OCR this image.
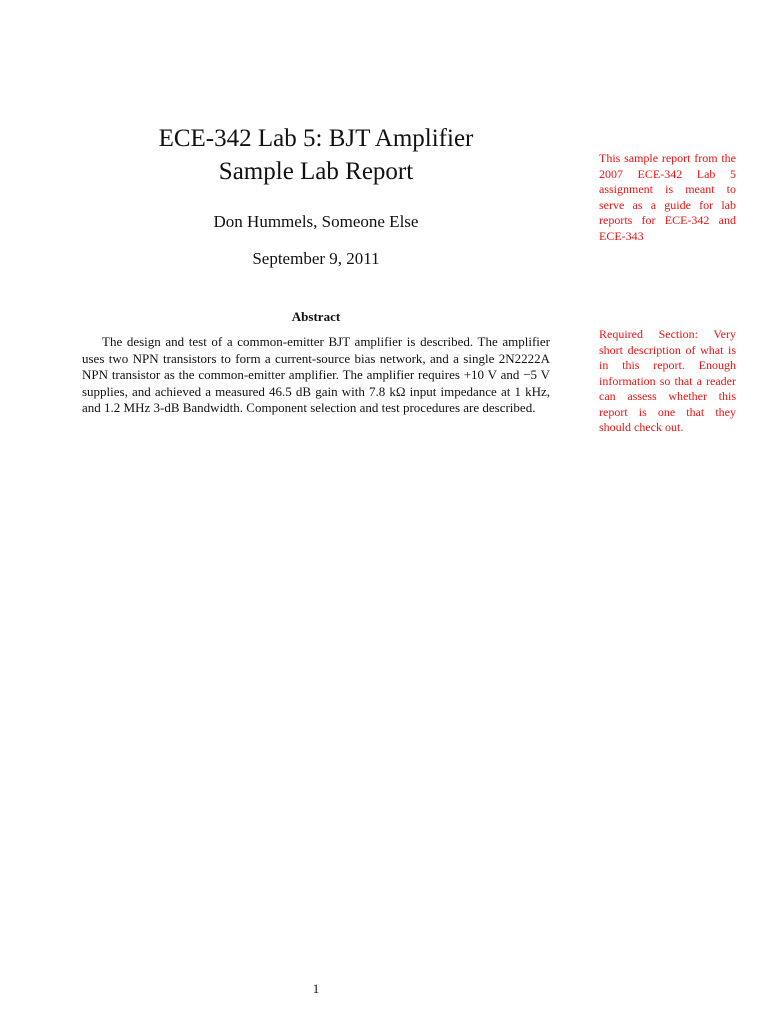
ECE-342 Lab 5: BJT Amplifier
Sample Lab Report
Don Hummels, Someone Else
September 9, 2011
Abstract

The design and test of a common-emitter BJT amplifier is described. The amplifier uses two NPN transistors to form a current-source bias network, and a single 2N2222A NPN transistor as the common-emitter amplifier. The amplifier requires +10 V and −5 V supplies, and achieved a measured 46.5 dB gain with 7.8 kΩ input impedance at 1 kHz, and 1.2 MHz 3-dB Bandwidth. Component selection and test procedures are described.

This sample report from the 2007 ECE-342 Lab 5 assignment is meant to serve as a guide for lab reports for ECE-342 and ECE-343
Required Section: Very short description of what is in this report. Enough information so that a reader can assess whether this report is one that they should check out.
1
